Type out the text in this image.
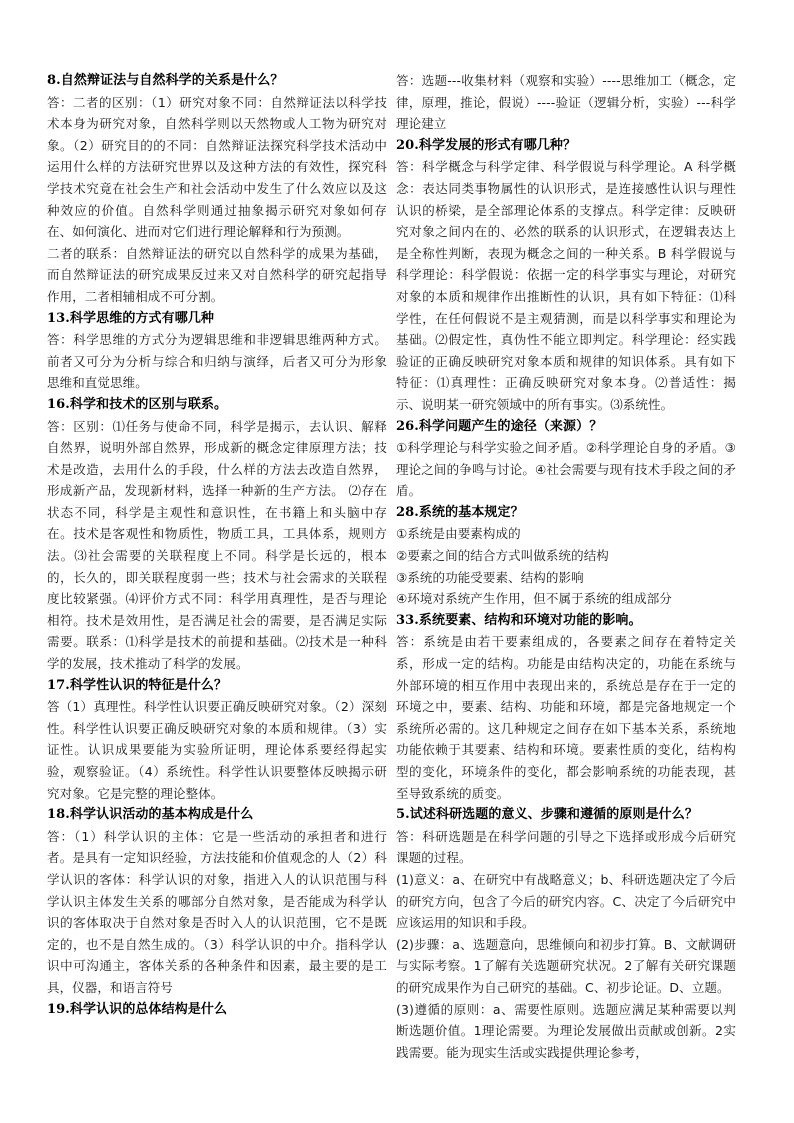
8.自然辩证法与自然科学的关系是什么？

答：二者的区别：（1）研究对象不同：自然辩证法以科学技术本身为研究对象，自然科学则以天然物或人工物为研究对象。（2）研究目的的不同：自然辩证法探究科学技术活动中运用什么样的方法研究世界以及这种方法的有效性，探究科学技术究竟在社会生产和社会活动中发生了什么效应以及这种效应的价值。自然科学则通过抽象揭示研究对象如何存在、如何演化、进而对它们进行理论解释和行为预测。

二者的联系：自然辩证法的研究以自然科学的成果为基础，而自然辩证法的研究成果反过来又对自然科学的研究起指导作用，二者相辅相成不可分割。

13.科学思维的方式有哪几种

答：科学思维的方式分为逻辑思维和非逻辑思维两种方式。前者又可分为分析与综合和归纳与演绎，后者又可分为形象思维和直觉思维。

16.科学和技术的区别与联系。

答：区别：⑴任务与使命不同，科学是揭示，去认识、解释自然界，说明外部自然界，形成新的概念定律原理方法；技术是改造，去用什么的手段，什么样的方法去改造自然界，形成新产品，发现新材料，选择一种新的生产方法。 ⑵存在状态不同，科学是主观性和意识性，在书籍上和头脑中存在。技术是客观性和物质性，物质工具，工具体系，规则方法。⑶社会需要的关联程度上不同。科学是长远的，根本的，长久的，即关联程度弱一些；技术与社会需求的关联程度比较紧强。⑷评价方式不同：科学用真理性，是否与理论相符。技术是效用性，是否满足社会的需要，是否满足实际需要。联系：⑴科学是技术的前提和基础。⑵技术是一种科学的发展，技术推动了科学的发展。

17.科学性认识的特征是什么？

答（1）真理性。科学性认识要正确反映研究对象。（2）深刻性。科学性认识要正确反映研究对象的本质和规律。（3）实证性。认识成果要能为实验所证明，理论体系要经得起实验，观察验证。（4）系统性。科学性认识要整体反映揭示研究对象。它是完整的理论整体。

18.科学认识活动的基本构成是什么

答：（1）科学认识的主体：它是一些活动的承担者和进行者。是具有一定知识经验，方法技能和价值观念的人（2）科学认识的客体：科学认识的对象，指进入人的认识范围与科学认识主体发生关系的哪部分自然对象，是否能成为科学认识的客体取决于自然对象是否时入人的认识范围，它不是既定的，也不是自然生成的。（3）科学认识的中介。指科学认识中可沟通主，客体关系的各种条件和因素，最主要的是工具，仪器，和语言符号

19.科学认识的总体结构是什么

答：选题---收集材料（观察和实验）----思维加工（概念，定律，原理，推论，假说）----验证（逻辑分析，实验）---科学理论建立

20.科学发展的形式有哪几种？

答：科学概念与科学定律、科学假说与科学理论。A 科学概念：表达同类事物属性的认识形式，是连接感性认识与理性认识的桥梁，是全部理论体系的支撑点。科学定律：反映研究对象之间内在的、必然的联系的认识形式，在逻辑表达上是全称性判断，表现为概念之间的一种关系。B 科学假说与科学理论：科学假说：依据一定的科学事实与理论，对研究对象的本质和规律作出推断性的认识，具有如下特征：⑴科学性，在任何假说不是主观猜测，而是以科学事实和理论为基础。⑵假定性，真伪性不能立即判定。科学理论：经实践验证的正确反映研究对象本质和规律的知识体系。具有如下特征：⑴真理性：正确反映研究对象本身。⑵普适性：揭示、说明某一研究领域中的所有事实。⑶系统性。

26.科学问题产生的途径（来源）？

①科学理论与科学实验之间矛盾。②科学理论自身的矛盾。③理论之间的争鸣与讨论。④社会需要与现有技术手段之间的矛盾。

28.系统的基本规定？

①系统是由要素构成的

②要素之间的结合方式叫做系统的结构

③系统的功能受要素、结构的影响

④环境对系统产生作用，但不属于系统的组成部分

33.系统要素、结构和环境对功能的影响。

答：系统是由若干要素组成的，各要素之间存在着特定关系，形成一定的结构。功能是由结构决定的，功能在系统与外部环境的相互作用中表现出来的，系统总是存在于一定的环境之中，要素、结构、功能和环境，都是完备地规定一个系统所必需的。这几种规定之间存在如下基本关系，系统地功能依赖于其要素、结构和环境。要素性质的变化，结构构型的变化，环境条件的变化，都会影响系统的功能表现，甚至导致系统的质变。

5.试述科研选题的意义、步骤和遵循的原则是什么？

答：科研选题是在科学问题的引导之下选择或形成今后研究课题的过程。

(1)意义：a、在研究中有战略意义；b、科研选题决定了今后的研究方向，包含了今后的研究内容。C、决定了今后研究中应该运用的知识和手段。

(2)步骤：a、选题意向，思维倾向和初步打算。B、文献调研与实际考察。1了解有关选题研究状况。2了解有关研究课题的研究成果作为自己研究的基础。C、初步论证。D、立题。

(3)遵循的原则：a、需要性原则。选题应满足某种需要以判断选题价值。1理论需要。为理论发展做出贡献或创新。2实践需要。能为现实生活或实践提供理论参考，
